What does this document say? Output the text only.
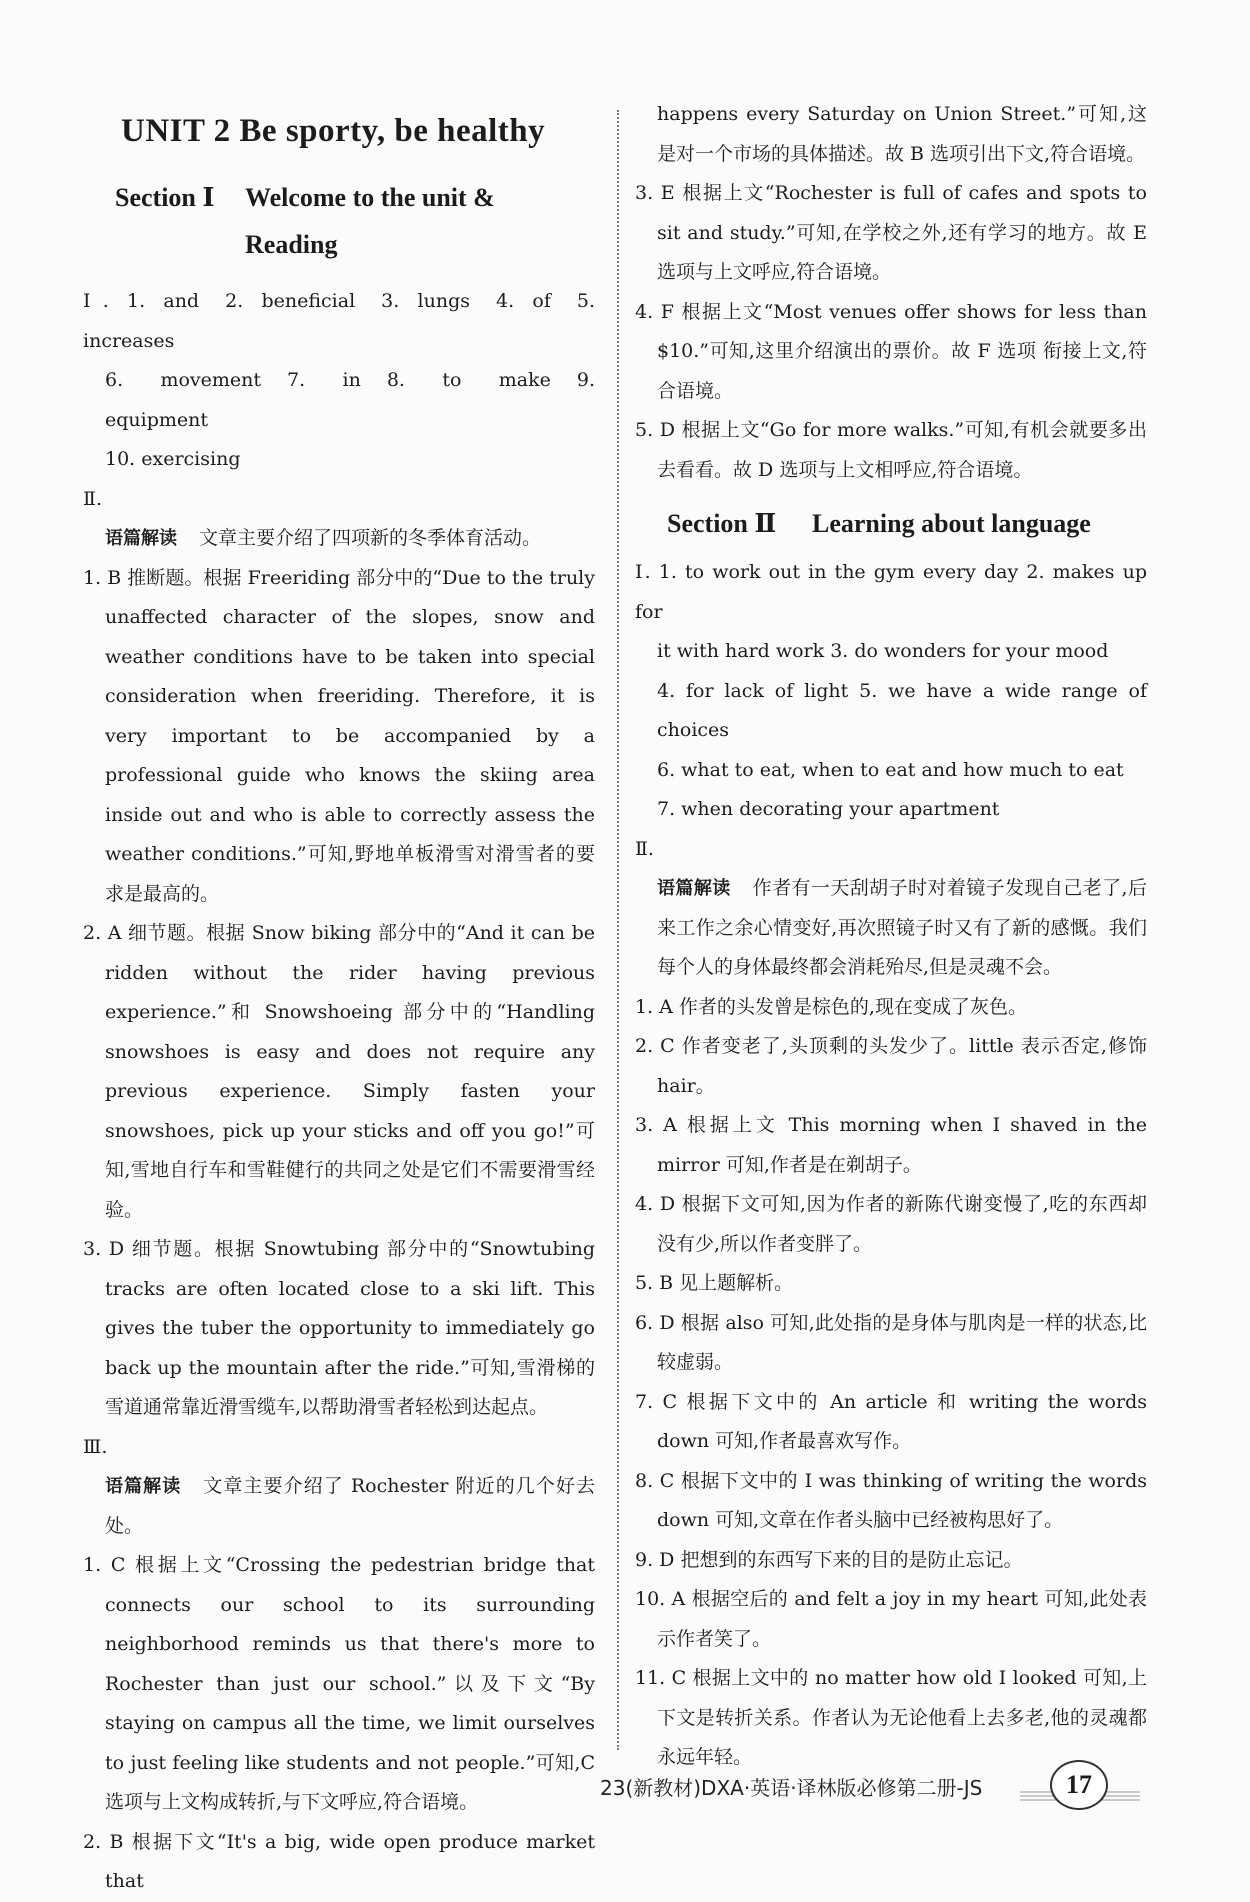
UNIT 2 Be sporty, be healthy
Section Ⅰ	Welcome to the unit &
Reading

Ⅰ. 1. and 2. beneficial 3. lungs 4. of 5. increases

6. movement 7. in 8. to make 9. equipment

10. exercising

Ⅱ.

语篇解读 文章主要介绍了四项新的冬季体育活动。

1. B 推断题。根据 Freeriding 部分中的“Due to the truly unaffected character of the slopes, snow and weather conditions have to be taken into special consideration when freeriding. Therefore, it is very important to be accompanied by a professional guide who knows the skiing area inside out and who is able to correctly assess the weather conditions.”可知,野地单板滑雪对滑雪者的要求是最高的。

2. A 细节题。根据 Snow biking 部分中的“And it can be ridden without the rider having previous experience.”和 Snowshoeing 部分中的“Handling snowshoes is easy and does not require any previous experience. Simply fasten your snowshoes, pick up your sticks and off you go!”可知,雪地自行车和雪鞋健行的共同之处是它们不需要滑雪经验。

3. D 细节题。根据 Snowtubing 部分中的“Snowtubing tracks are often located close to a ski lift. This gives the tuber the opportunity to immediately go back up the mountain after the ride.”可知,雪滑梯的雪道通常靠近滑雪缆车,以帮助滑雪者轻松到达起点。

Ⅲ.

语篇解读 文章主要介绍了 Rochester 附近的几个好去处。

1. C 根据上文“Crossing the pedestrian bridge that connects our school to its surrounding neighborhood reminds us that there's more to Rochester than just our school.”以及下文“By staying on campus all the time, we limit ourselves to just feeling like students and not people.”可知,C 选项与上文构成转折,与下文呼应,符合语境。

2. B 根据下文“It's a big, wide open produce market that

happens every Saturday on Union Street.”可知,这是对一个市场的具体描述。故 B 选项引出下文,符合语境。

3. E 根据上文“Rochester is full of cafes and spots to sit and study.”可知,在学校之外,还有学习的地方。故 E 选项与上文呼应,符合语境。

4. F 根据上文“Most venues offer shows for less than $10.”可知,这里介绍演出的票价。故 F 选项 衔接上文,符合语境。

5. D 根据上文“Go for more walks.”可知,有机会就要多出去看看。故 D 选项与上文相呼应,符合语境。

Section Ⅱ	Learning about language

Ⅰ. 1. to work out in the gym every day 2. makes up for

it with hard work 3. do wonders for your mood

4. for lack of light 5. we have a wide range of choices

6. what to eat, when to eat and how much to eat

7. when decorating your apartment

Ⅱ.

语篇解读 作者有一天刮胡子时对着镜子发现自己老了,后来工作之余心情变好,再次照镜子时又有了新的感慨。我们每个人的身体最终都会消耗殆尽,但是灵魂不会。

1. A 作者的头发曾是棕色的,现在变成了灰色。

2. C 作者变老了,头顶剩的头发少了。little 表示否定,修饰 hair。

3. A 根据上文 This morning when I shaved in the mirror 可知,作者是在剃胡子。

4. D 根据下文可知,因为作者的新陈代谢变慢了,吃的东西却没有少,所以作者变胖了。

5. B 见上题解析。

6. D 根据 also 可知,此处指的是身体与肌肉是一样的状态,比较虚弱。

7. C 根据下文中的 An article 和 writing the words down 可知,作者最喜欢写作。

8. C 根据下文中的 I was thinking of writing the words down 可知,文章在作者头脑中已经被构思好了。

9. D 把想到的东西写下来的目的是防止忘记。

10. A 根据空后的 and felt a joy in my heart 可知,此处表示作者笑了。

11. C 根据上文中的 no matter how old I looked 可知,上下文是转折关系。作者认为无论他看上去多老,他的灵魂都永远年轻。

23(新教材)DXA·英语·译林版必修第二册-JS	17
